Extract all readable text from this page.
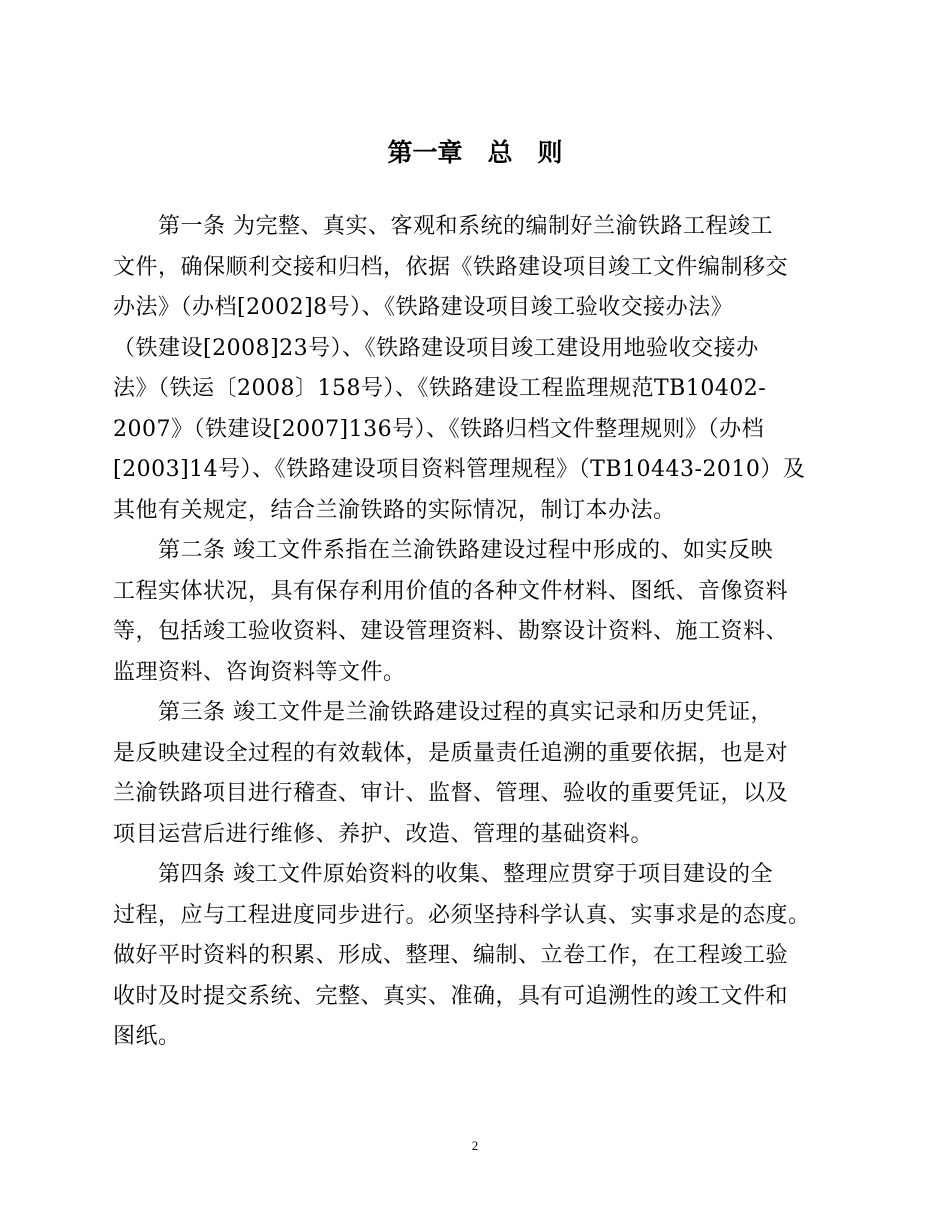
第一章　总　则
　　第一条 为完整、真实、客观和系统的编制好兰渝铁路工程竣工
文件，确保顺利交接和归档，依据《铁路建设项目竣工文件编制移交
办法》（办档[2002]8号）、《铁路建设项目竣工验收交接办法》
（铁建设[2008]23号）、《铁路建设项目竣工建设用地验收交接办
法》（铁运〔2008〕158号）、《铁路建设工程监理规范TB10402-
2007》（铁建设[2007]136号）、《铁路归档文件整理规则》（办档
[2003]14号）、《铁路建设项目资料管理规程》（TB10443-2010）及
其他有关规定，结合兰渝铁路的实际情况，制订本办法。
　　第二条 竣工文件系指在兰渝铁路建设过程中形成的、如实反映
工程实体状况，具有保存利用价值的各种文件材料、图纸、音像资料
等，包括竣工验收资料、建设管理资料、勘察设计资料、施工资料、
监理资料、咨询资料等文件。
　　第三条 竣工文件是兰渝铁路建设过程的真实记录和历史凭证，
是反映建设全过程的有效载体，是质量责任追溯的重要依据，也是对
兰渝铁路项目进行稽查、审计、监督、管理、验收的重要凭证，以及
项目运营后进行维修、养护、改造、管理的基础资料。
　　第四条 竣工文件原始资料的收集、整理应贯穿于项目建设的全
过程，应与工程进度同步进行。必须坚持科学认真、实事求是的态度。
做好平时资料的积累、形成、整理、编制、立卷工作，在工程竣工验
收时及时提交系统、完整、真实、准确，具有可追溯性的竣工文件和
图纸。
2
